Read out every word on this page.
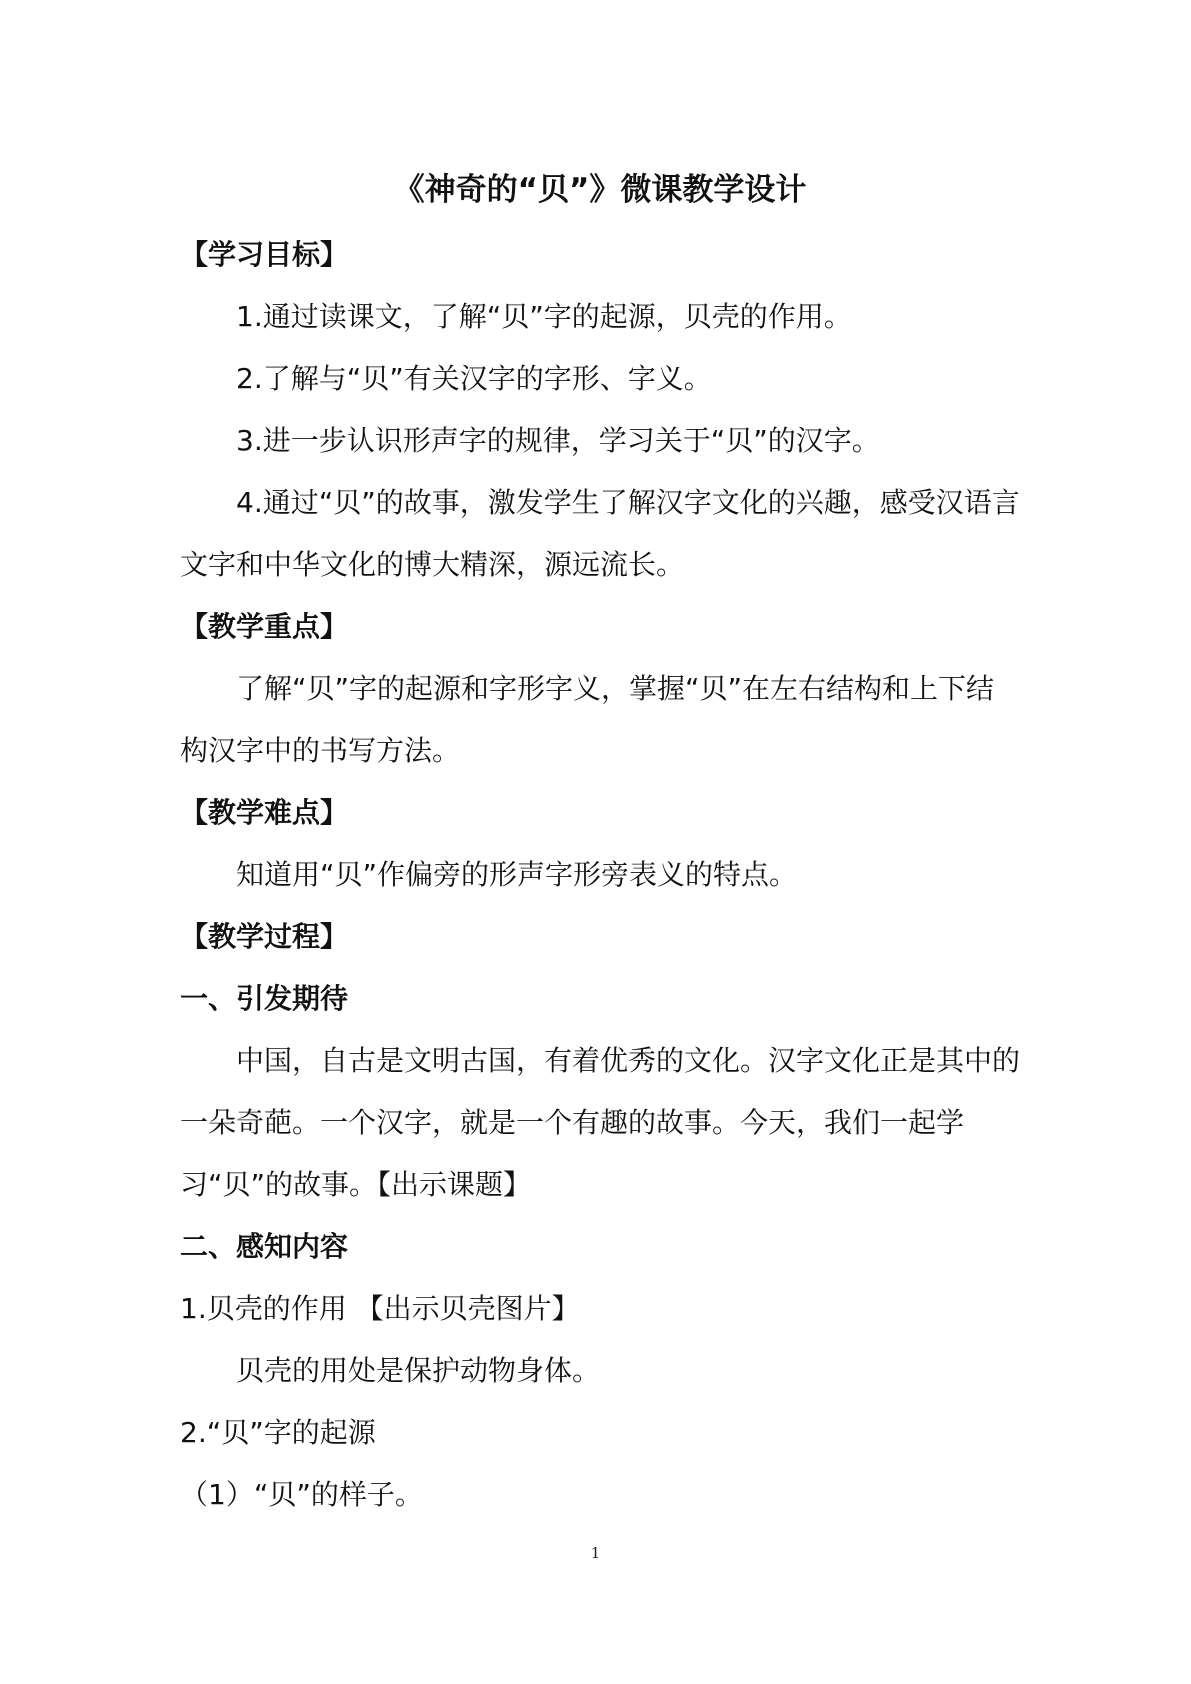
《神奇的“贝”》微课教学设计
【学习目标】
1.通过读课文，了解“贝”字的起源，贝壳的作用。
2.了解与“贝”有关汉字的字形、字义。
3.进一步认识形声字的规律，学习关于“贝”的汉字。
4.通过“贝”的故事，激发学生了解汉字文化的兴趣，感受汉语言文字和中华文化的博大精深，源远流长。
【教学重点】
了解“贝”字的起源和字形字义，掌握“贝”在左右结构和上下结构汉字中的书写方法。
【教学难点】
知道用“贝”作偏旁的形声字形旁表义的特点。
【教学过程】
一、引发期待
中国，自古是文明古国，有着优秀的文化。汉字文化正是其中的一朵奇葩。一个汉字，就是一个有趣的故事。今天，我们一起学习“贝”的故事。【出示课题】
二、感知内容
1.贝壳的作用 【出示贝壳图片】
贝壳的用处是保护动物身体。
2.“贝”字的起源
（1）“贝”的样子。
1
